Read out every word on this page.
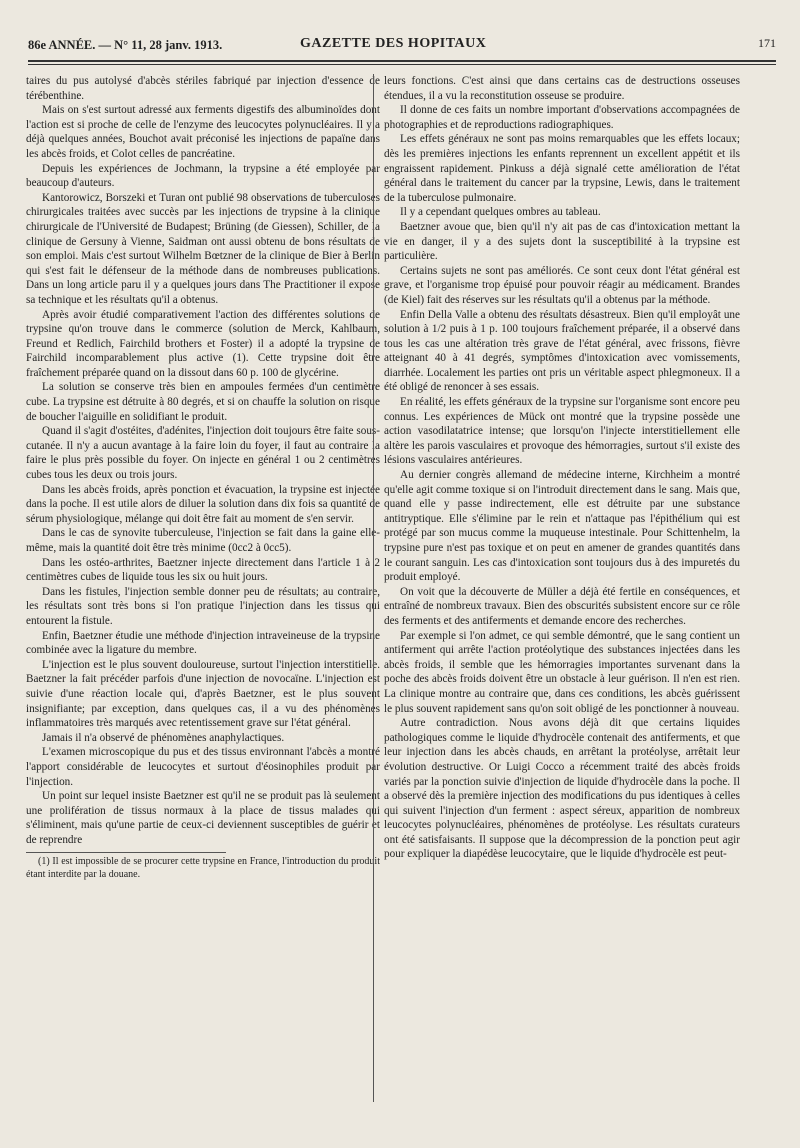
86e ANNÉE. — N° 11, 28 janv. 1913.	GAZETTE DES HOPITAUX	171

taires du pus autolysé d'abcès stériles fabriqué par injection d'essence de térébenthine.

Mais on s'est surtout adressé aux ferments digestifs des albuminoïdes dont l'action est si proche de celle de l'enzyme des leucocytes polynucléaires. Il y a déjà quelques années, Bouchot avait préconisé les injections de papaïne dans les abcès froids, et Colot celles de pancréatine.

Depuis les expériences de Jochmann, la trypsine a été employée par beaucoup d'auteurs.

Kantorowicz, Borszeki et Turan ont publié 98 observations de tuberculoses chirurgicales traitées avec succès par les injections de trypsine à la clinique chirurgicale de l'Université de Budapest; Brüning (de Giessen), Schiller, de la clinique de Gersuny à Vienne, Saidman ont aussi obtenu de bons résultats de son emploi. Mais c'est surtout Wilhelm Bœtzner de la clinique de Bier à Berlin qui s'est fait le défenseur de la méthode dans de nombreuses publications. Dans un long article paru il y a quelques jours dans The Practitioner il expose sa technique et les résultats qu'il a obtenus.

Après avoir étudié comparativement l'action des différentes solutions de trypsine qu'on trouve dans le commerce (solution de Merck, Kahlbaum, Freund et Redlich, Fairchild brothers et Foster) il a adopté la trypsine de Fairchild incomparablement plus active (1). Cette trypsine doit être fraîchement préparée quand on la dissout dans 60 p. 100 de glycérine.

La solution se conserve très bien en ampoules fermées d'un centimètre cube. La trypsine est détruite à 80 degrés, et si on chauffe la solution on risque de boucher l'aiguille en solidifiant le produit.

Quand il s'agit d'ostéites, d'adénites, l'injection doit toujours être faite sous-cutanée. Il n'y a aucun avantage à la faire loin du foyer, il faut au contraire la faire le plus près possible du foyer. On injecte en général 1 ou 2 centimètres cubes tous les deux ou trois jours.

Dans les abcès froids, après ponction et évacuation, la trypsine est injectée dans la poche. Il est utile alors de diluer la solution dans dix fois sa quantité de sérum physiologique, mélange qui doit être fait au moment de s'en servir.

Dans le cas de synovite tuberculeuse, l'injection se fait dans la gaine elle-même, mais la quantité doit être très minime (0cc2 à 0cc5).

Dans les ostéo-arthrites, Baetzner injecte directement dans l'article 1 à 2 centimètres cubes de liquide tous les six ou huit jours.

Dans les fistules, l'injection semble donner peu de résultats; au contraire, les résultats sont très bons si l'on pratique l'injection dans les tissus qui entourent la fistule.

Enfin, Baetzner étudie une méthode d'injection intraveineuse de la trypsine combinée avec la ligature du membre.

L'injection est le plus souvent douloureuse, surtout l'injection interstitielle. Baetzner la fait précéder parfois d'une injection de novocaïne. L'injection est suivie d'une réaction locale qui, d'après Baetzner, est le plus souvent insignifiante; par exception, dans quelques cas, il a vu des phénomènes inflammatoires très marqués avec retentissement grave sur l'état général.

Jamais il n'a observé de phénomènes anaphylactiques.

L'examen microscopique du pus et des tissus environnant l'abcès a montré l'apport considérable de leucocytes et surtout d'éosinophiles produit par l'injection.

Un point sur lequel insiste Baetzner est qu'il ne se produit pas là seulement une prolifération de tissus normaux à la place de tissus malades qui s'éliminent, mais qu'une partie de ceux-ci deviennent susceptibles de guérir et de reprendre

(1) Il est impossible de se procurer cette trypsine en France, l'introduction du produit étant interdite par la douane.

leurs fonctions. C'est ainsi que dans certains cas de destructions osseuses étendues, il a vu la reconstitution osseuse se produire.

Il donne de ces faits un nombre important d'observations accompagnées de photographies et de reproductions radiographiques.

Les effets généraux ne sont pas moins remarquables que les effets locaux; dès les premières injections les enfants reprennent un excellent appétit et ils engraissent rapidement. Pinkuss a déjà signalé cette amélioration de l'état général dans le traitement du cancer par la trypsine, Lewis, dans le traitement de la tuberculose pulmonaire.

Il y a cependant quelques ombres au tableau.

Baetzner avoue que, bien qu'il n'y ait pas de cas d'intoxication mettant la vie en danger, il y a des sujets dont la susceptibilité à la trypsine est particulière.

Certains sujets ne sont pas améliorés. Ce sont ceux dont l'état général est grave, et l'organisme trop épuisé pour pouvoir réagir au médicament. Brandes (de Kiel) fait des réserves sur les résultats qu'il a obtenus par la méthode.

Enfin Della Valle a obtenu des résultats désastreux. Bien qu'il employât une solution à 1/2 puis à 1 p. 100 toujours fraîchement préparée, il a observé dans tous les cas une altération très grave de l'état général, avec frissons, fièvre atteignant 40 à 41 degrés, symptômes d'intoxication avec vomissements, diarrhée. Localement les parties ont pris un véritable aspect phlegmoneux. Il a été obligé de renoncer à ses essais.

En réalité, les effets généraux de la trypsine sur l'organisme sont encore peu connus. Les expériences de Mück ont montré que la trypsine possède une action vasodilatatrice intense; que lorsqu'on l'injecte interstitiellement elle altère les parois vasculaires et provoque des hémorragies, surtout s'il existe des lésions vasculaires antérieures.

Au dernier congrès allemand de médecine interne, Kirchheim a montré qu'elle agit comme toxique si on l'introduit directement dans le sang. Mais que, quand elle y passe indirectement, elle est détruite par une substance antitryptique. Elle s'élimine par le rein et n'attaque pas l'épithélium qui est protégé par son mucus comme la muqueuse intestinale. Pour Schittenhelm, la trypsine pure n'est pas toxique et on peut en amener de grandes quantités dans le courant sanguin. Les cas d'intoxication sont toujours dus à des impuretés du produit employé.

On voit que la découverte de Müller a déjà été fertile en conséquences, et entraîné de nombreux travaux. Bien des obscurités subsistent encore sur ce rôle des ferments et des antiferments et demande encore des recherches.

Par exemple si l'on admet, ce qui semble démontré, que le sang contient un antiferment qui arrête l'action protéolytique des substances injectées dans les abcès froids, il semble que les hémorragies importantes survenant dans la poche des abcès froids doivent être un obstacle à leur guérison. Il n'en est rien. La clinique montre au contraire que, dans ces conditions, les abcès guérissent le plus souvent rapidement sans qu'on soit obligé de les ponctionner à nouveau.

Autre contradiction. Nous avons déjà dit que certains liquides pathologiques comme le liquide d'hydrocèle contenait des antiferments, et que leur injection dans les abcès chauds, en arrêtant la protéolyse, arrêtait leur évolution destructive. Or Luigi Cocco a récemment traité des abcès froids variés par la ponction suivie d'injection de liquide d'hydrocèle dans la poche. Il a observé dès la première injection des modifications du pus identiques à celles qui suivent l'injection d'un ferment : aspect séreux, apparition de nombreux leucocytes polynucléaires, phénomènes de protéolyse. Les résultats curateurs ont été satisfaisants. Il suppose que la décompression de la ponction peut agir pour expliquer la diapédèse leucocytaire, que le liquide d'hydrocèle est peut-
